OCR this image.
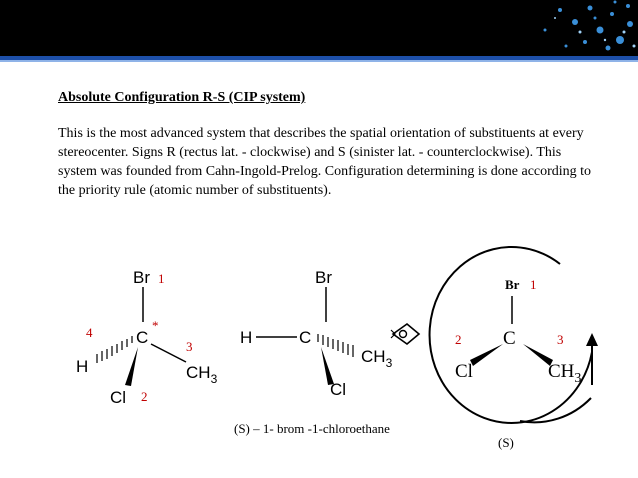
Absolute Configuration R-S (CIP system)
This is the most advanced system that describes the spatial orientation of substituents at every stereocenter. Signs R (rectus lat. - clockwise) and S (sinister lat. - counterclockwise). This system was founded from Cahn-Ingold-Prelog. Configuration determining is done according to the priority rule (atomic number of substituents).
Br 1
C
*
4
H
3
$CH_3$
Cl 2
Br
H	C
$CH_3$
Cl
(S) – 1- brom -1-chloroethane
Br 1
C
2	3
Cl	$CH_3$
(S)
